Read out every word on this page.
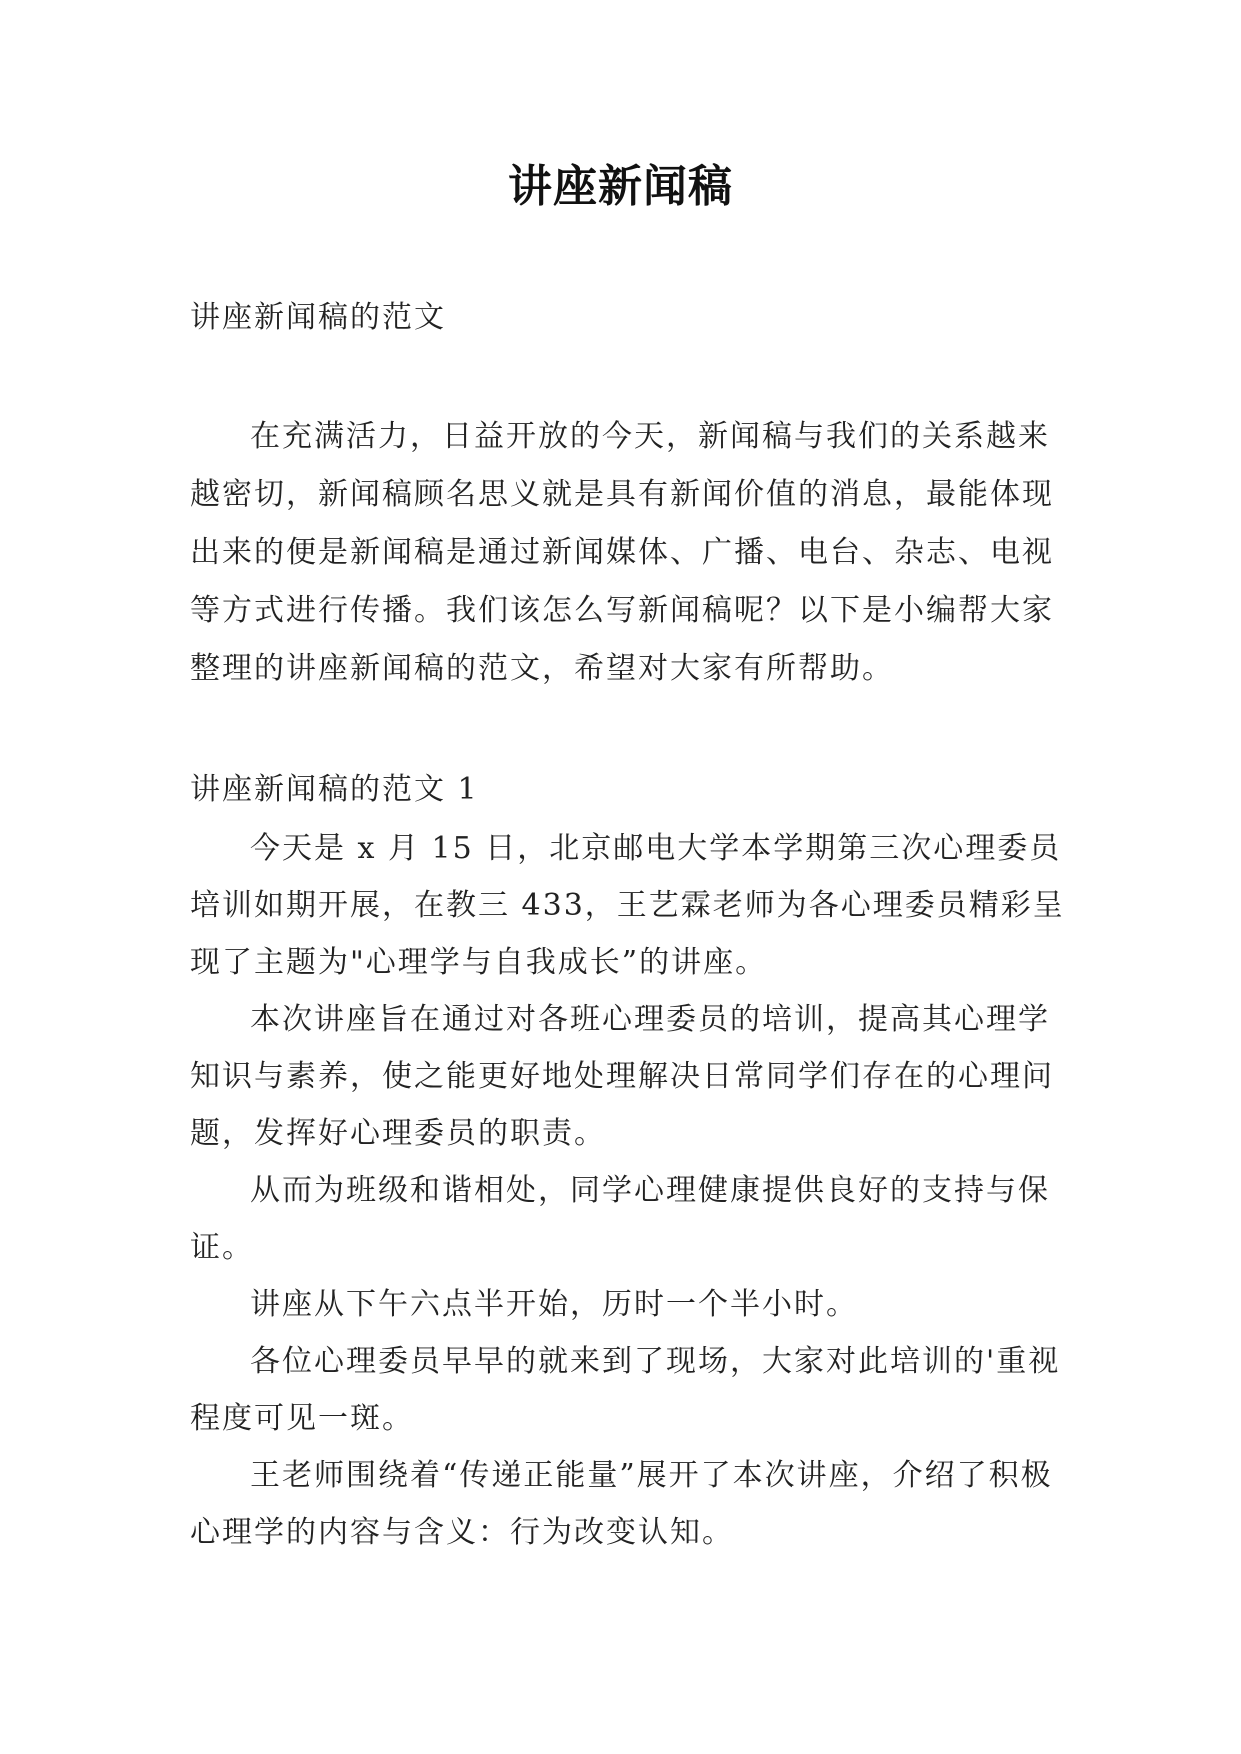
讲座新闻稿
讲座新闻稿的范文

在充满活力，日益开放的今天，新闻稿与我们的关系越来越密切，新闻稿顾名思义就是具有新闻价值的消息，最能体现出来的便是新闻稿是通过新闻媒体、广播、电台、杂志、电视等方式进行传播。我们该怎么写新闻稿呢？以下是小编帮大家整理的讲座新闻稿的范文，希望对大家有所帮助。

讲座新闻稿的范文 1

今天是 x 月 15 日，北京邮电大学本学期第三次心理委员培训如期开展，在教三 433，王艺霖老师为各心理委员精彩呈现了主题为"心理学与自我成长”的讲座。

本次讲座旨在通过对各班心理委员的培训，提高其心理学知识与素养，使之能更好地处理解决日常同学们存在的心理问题，发挥好心理委员的职责。

从而为班级和谐相处，同学心理健康提供良好的支持与保证。

讲座从下午六点半开始，历时一个半小时。

各位心理委员早早的就来到了现场，大家对此培训的'重视程度可见一斑。

王老师围绕着“传递正能量”展开了本次讲座，介绍了积极心理学的内容与含义：行为改变认知。
